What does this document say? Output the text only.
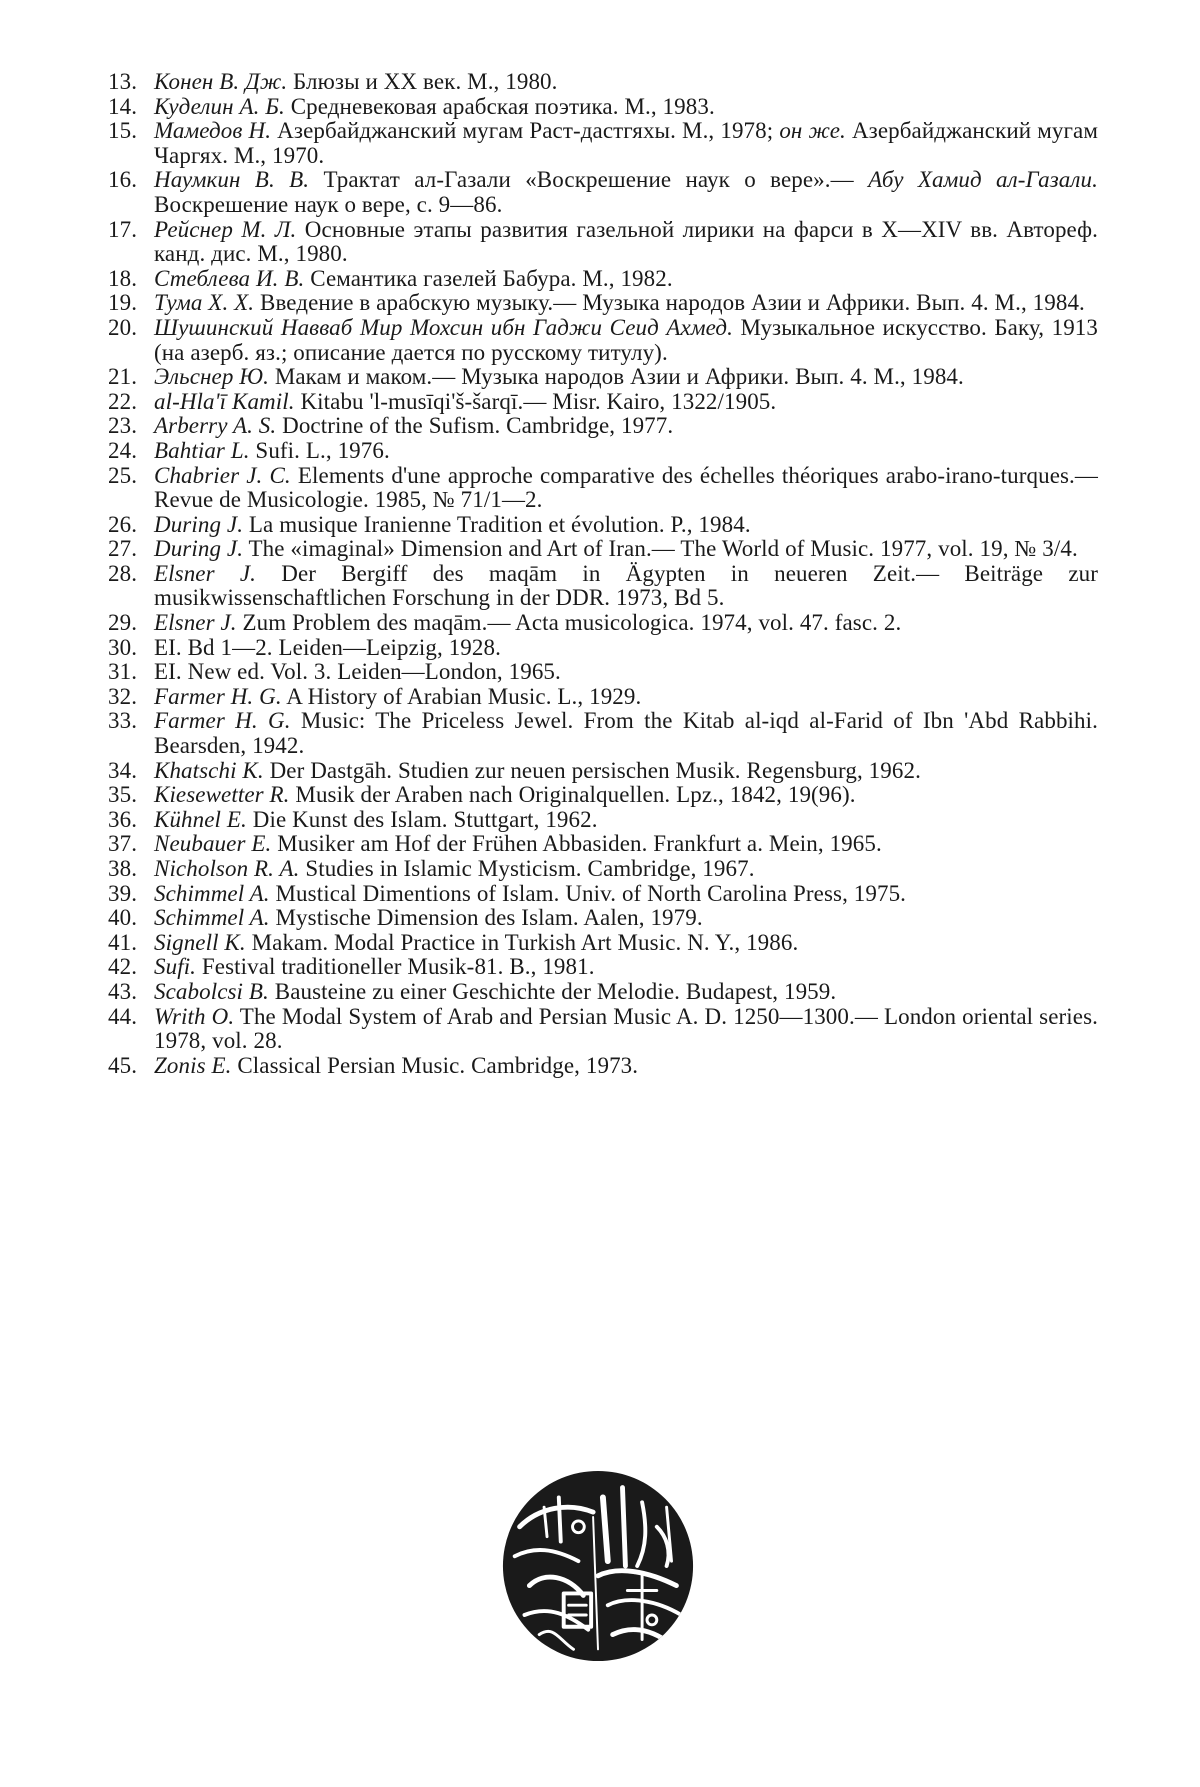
13. Конен В. Дж. Блюзы и XX век. М., 1980.
14. Куделин А. Б. Средневековая арабская поэтика. М., 1983.
15. Мамедов Н. Азербайджанский мугам Раст-дастгяхы. М., 1978; он же. Азербайджанский мугам Чаргях. М., 1970.
16. Наумкин В. В. Трактат ал-Газали «Воскрешение наук о вере».— Абу Хамид ал-Газали. Воскрешение наук о вере, с. 9—86.
17. Рейснер М. Л. Основные этапы развития газельной лирики на фарси в X—XIV вв. Автореф. канд. дис. М., 1980.
18. Стеблева И. В. Семантика газелей Бабура. М., 1982.
19. Тума Х. Х. Введение в арабскую музыку.— Музыка народов Азии и Африки. Вып. 4. М., 1984.
20. Шушинский Навваб Мир Мохсин ибн Гаджи Сеид Ахмед. Музыкальное искусство. Баку, 1913 (на азерб. яз.; описание дается по русскому титулу).
21. Эльснер Ю. Макам и маком.— Музыка народов Азии и Африки. Вып. 4. М., 1984.
22. al-Hla'ī Kamil. Kitabu 'l-musīqi'š-šarqī.— Misr. Kairo, 1322/1905.
23. Arberry A. S. Doctrine of the Sufism. Cambridge, 1977.
24. Bahtiar L. Sufi. L., 1976.
25. Chabrier J. C. Elements d'une approche comparative des échelles théoriques arabo-irano-turques.— Revue de Musicologie. 1985, № 71/1—2.
26. During J. La musique Iranienne Tradition et évolution. P., 1984.
27. During J. The «imaginal» Dimension and Art of Iran.— The World of Music. 1977, vol. 19, № 3/4.
28. Elsner J. Der Bergiff des maqām in Ägypten in neueren Zeit.— Beiträge zur musikwissenschaftlichen Forschung in der DDR. 1973, Bd 5.
29. Elsner J. Zum Problem des maqām.— Acta musicologica. 1974, vol. 47. fasc. 2.
30. EI. Bd 1—2. Leiden—Leipzig, 1928.
31. EI. New ed. Vol. 3. Leiden—London, 1965.
32. Farmer H. G. A History of Arabian Music. L., 1929.
33. Farmer H. G. Music: The Priceless Jewel. From the Kitab al-iqd al-Farid of Ibn 'Abd Rabbihi. Bearsden, 1942.
34. Khatschi K. Der Dastgāh. Studien zur neuen persischen Musik. Regensburg, 1962.
35. Kiesewetter R. Musik der Araben nach Originalquellen. Lpz., 1842, 19(96).
36. Kühnel E. Die Kunst des Islam. Stuttgart, 1962.
37. Neubauer E. Musiker am Hof der Frühen Abbasiden. Frankfurt a. Mein, 1965.
38. Nicholson R. A. Studies in Islamic Mysticism. Cambridge, 1967.
39. Schimmel A. Mustical Dimentions of Islam. Univ. of North Carolina Press, 1975.
40. Schimmel A. Mystische Dimension des Islam. Aalen, 1979.
41. Signell K. Makam. Modal Practice in Turkish Art Music. N. Y., 1986.
42. Sufi. Festival traditioneller Musik-81. B., 1981.
43. Scabolcsi B. Bausteine zu einer Geschichte der Melodie. Budapest, 1959.
44. Writh O. The Modal System of Arab and Persian Music A. D. 1250—1300.— London oriental series. 1978, vol. 28.
45. Zonis E. Classical Persian Music. Cambridge, 1973.
